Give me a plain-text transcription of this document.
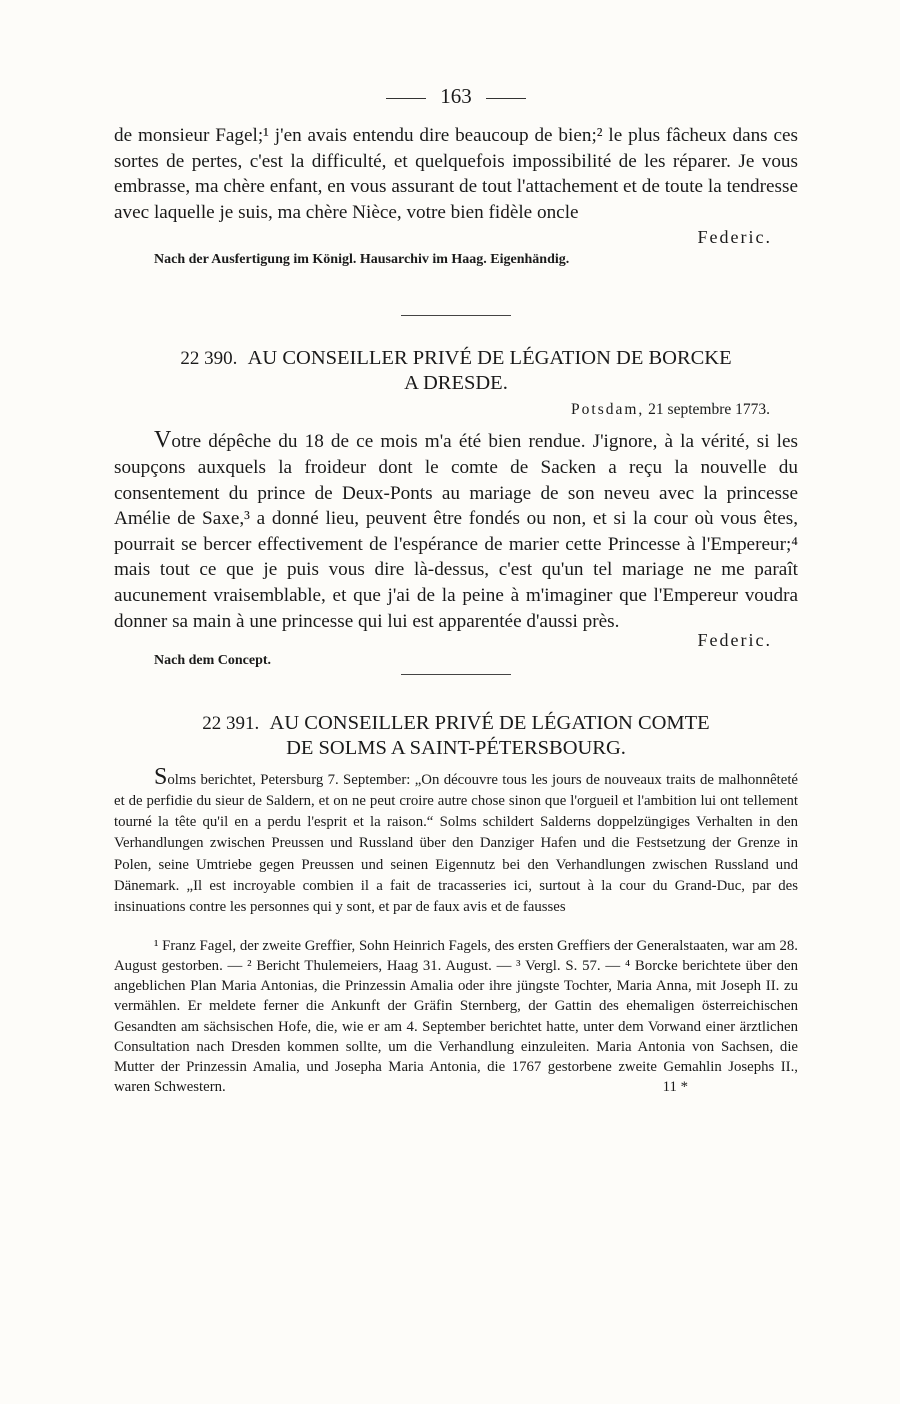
163

de monsieur Fagel;¹ j'en avais entendu dire beaucoup de bien;² le plus fâcheux dans ces sortes de pertes, c'est la difficulté, et quelquefois impossibilité de les réparer. Je vous embrasse, ma chère enfant, en vous assurant de tout l'attachement et de toute la tendresse avec laquelle je suis, ma chère Nièce, votre bien fidèle oncle

Federic.
Nach der Ausfertigung im Königl. Hausarchiv im Haag. Eigenhändig.
22 390. AU CONSEILLER PRIVÉ DE LÉGATION DE BORCKE
A DRESDE.
Potsdam, 21 septembre 1773.

Votre dépêche du 18 de ce mois m'a été bien rendue. J'ignore, à la vérité, si les soupçons auxquels la froideur dont le comte de Sacken a reçu la nouvelle du consentement du prince de Deux-Ponts au mariage de son neveu avec la princesse Amélie de Saxe,³ a donné lieu, peuvent être fondés ou non, et si la cour où vous êtes, pourrait se bercer effectivement de l'espérance de marier cette Princesse à l'Empereur;⁴ mais tout ce que je puis vous dire là-dessus, c'est qu'un tel mariage ne me paraît aucunement vraisemblable, et que j'ai de la peine à m'imaginer que l'Empereur voudra donner sa main à une princesse qui lui est apparentée d'aussi près.

Federic.
Nach dem Concept.
22 391. AU CONSEILLER PRIVÉ DE LÉGATION COMTE
DE SOLMS A SAINT-PÉTERSBOURG.

Solms berichtet, Petersburg 7. September: „On découvre tous les jours de nouveaux traits de malhonnêteté et de perfidie du sieur de Saldern, et on ne peut croire autre chose sinon que l'orgueil et l'ambition lui ont tellement tourné la tête qu'il en a perdu l'esprit et la raison.“ Solms schildert Salderns doppelzüngiges Verhalten in den Verhandlungen zwischen Preussen und Russland über den Danziger Hafen und die Festsetzung der Grenze in Polen, seine Umtriebe gegen Preussen und seinen Eigennutz bei den Verhandlungen zwischen Russland und Dänemark. „Il est incroyable combien il a fait de tracasseries ici, surtout à la cour du Grand-Duc, par des insinuations contre les personnes qui y sont, et par de faux avis et de fausses

¹ Franz Fagel, der zweite Greffier, Sohn Heinrich Fagels, des ersten Greffiers der Generalstaaten, war am 28. August gestorben. — ² Bericht Thulemeiers, Haag 31. August. — ³ Vergl. S. 57. — ⁴ Borcke berichtete über den angeblichen Plan Maria Antonias, die Prinzessin Amalia oder ihre jüngste Tochter, Maria Anna, mit Joseph II. zu vermählen. Er meldete ferner die Ankunft der Gräfin Sternberg, der Gattin des ehemaligen österreichischen Gesandten am sächsischen Hofe, die, wie er am 4. September berichtet hatte, unter dem Vorwand einer ärztlichen Consultation nach Dresden kommen sollte, um die Verhandlung einzuleiten. Maria Antonia von Sachsen, die Mutter der Prinzessin Amalia, und Josepha Maria Antonia, die 1767 gestorbene zweite Gemahlin Josephs II., waren Schwestern.	11 *
